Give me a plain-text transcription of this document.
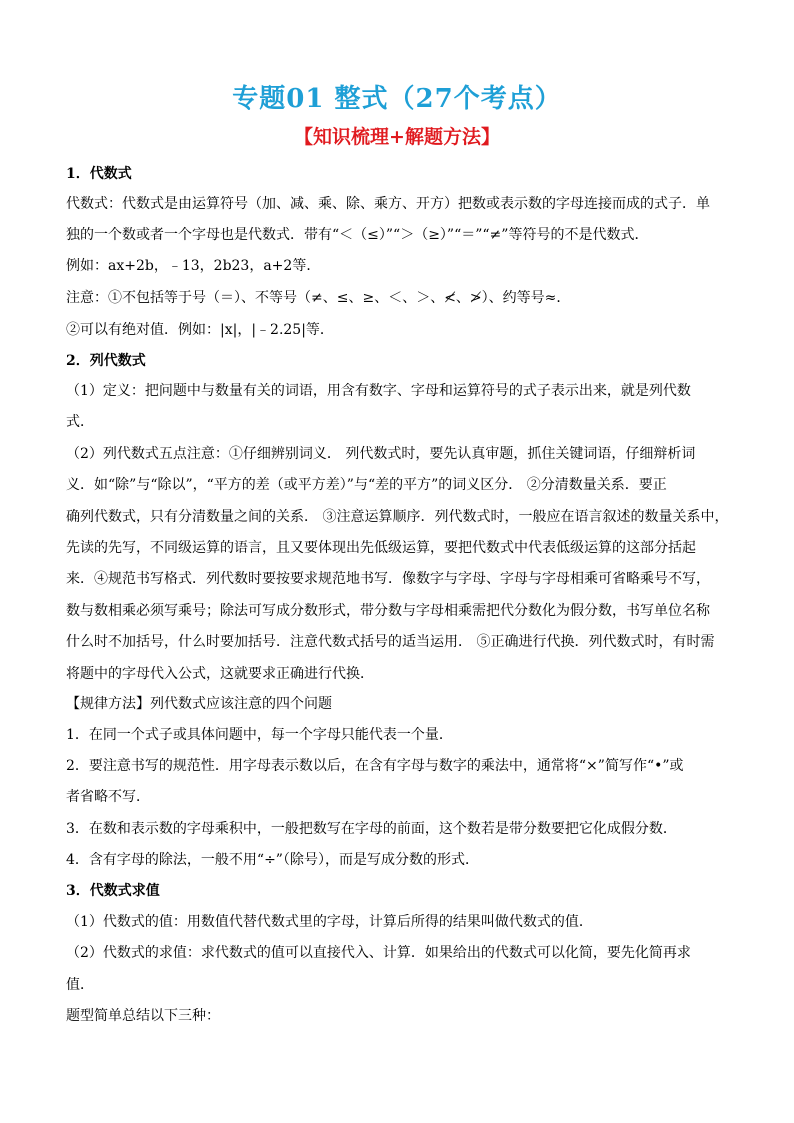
专题01 整式（27个考点）
【知识梳理+解题方法】
1．代数式
代数式：代数式是由运算符号（加、减、乘、除、乘方、开方）把数或表示数的字母连接而成的式子．单
独的一个数或者一个字母也是代数式．带有“＜（≤）”“＞（≥）”“＝”“≠”等符号的不是代数式．
例如：ax+2b，﹣13，2b23，a+2等．
注意：①不包括等于号（＝）、不等号（≠、≤、≥、＜、＞、≮、≯）、约等号≈．
②可以有绝对值．例如：|x|，|﹣2.25|等．
2．列代数式
（1）定义：把问题中与数量有关的词语，用含有数字、字母和运算符号的式子表示出来，就是列代数
式．
（2）列代数式五点注意：①仔细辨别词义． 列代数式时，要先认真审题，抓住关键词语，仔细辩析词
义．如“除”与“除以”，“平方的差（或平方差）”与“差的平方”的词义区分． ②分清数量关系．要正
确列代数式，只有分清数量之间的关系． ③注意运算顺序．列代数式时，一般应在语言叙述的数量关系中，
先读的先写，不同级运算的语言，且又要体现出先低级运算，要把代数式中代表低级运算的这部分括起
来．④规范书写格式．列代数时要按要求规范地书写．像数字与字母、字母与字母相乘可省略乘号不写，
数与数相乘必须写乘号；除法可写成分数形式，带分数与字母相乘需把代分数化为假分数，书写单位名称
什么时不加括号，什么时要加括号．注意代数式括号的适当运用． ⑤正确进行代换．列代数式时，有时需
将题中的字母代入公式，这就要求正确进行代换．
【规律方法】列代数式应该注意的四个问题
1．在同一个式子或具体问题中，每一个字母只能代表一个量．
2．要注意书写的规范性．用字母表示数以后，在含有字母与数字的乘法中，通常将“×”简写作“•”或
者省略不写．
3．在数和表示数的字母乘积中，一般把数写在字母的前面，这个数若是带分数要把它化成假分数．
4．含有字母的除法，一般不用“÷”（除号），而是写成分数的形式．
3．代数式求值
（1）代数式的值：用数值代替代数式里的字母，计算后所得的结果叫做代数式的值．
（2）代数式的求值：求代数式的值可以直接代入、计算．如果给出的代数式可以化简，要先化简再求
值．
题型简单总结以下三种：
